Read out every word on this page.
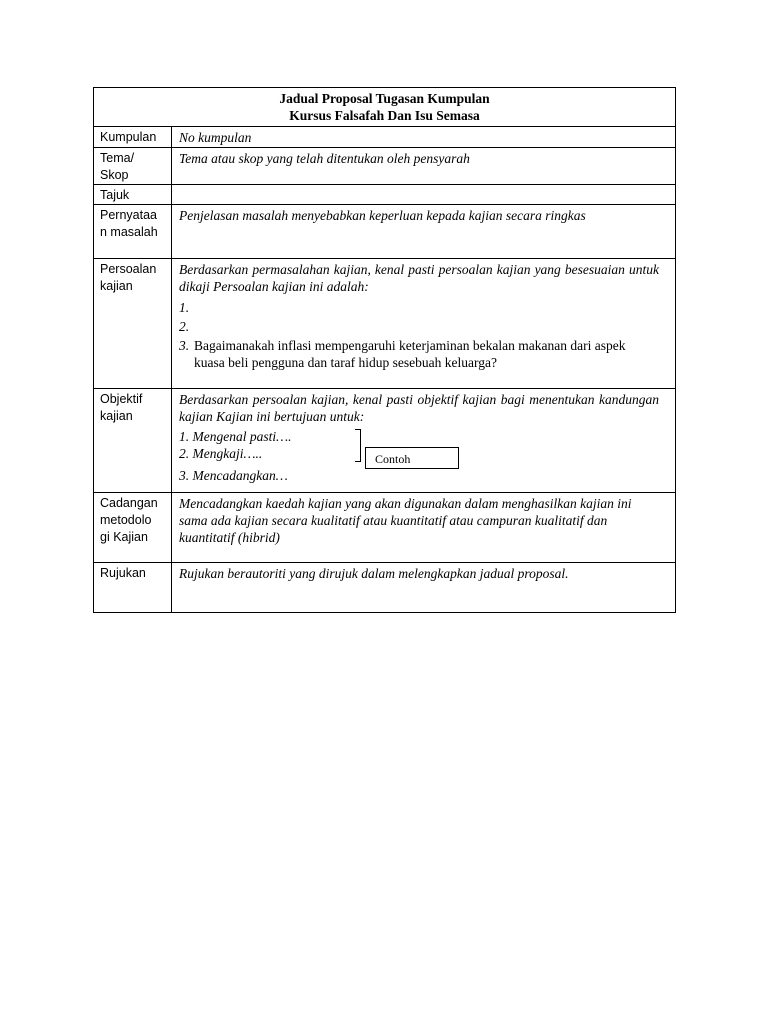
Jadual Proposal Tugasan Kumpulan
Kursus Falsafah Dan Isu Semasa	

Kumpulan	No kumpulan

Tema/
Skop	Tema atau skop yang telah ditentukan oleh pensyarah
Tajuk	

Pernyataa
n masalah	Penjelasan masalah menyebabkan keperluan kepada kajian secara ringkas

Persoalan
kajian	Berdasarkan permasalahan kajian, kenal pasti persoalan kajian yang besesuaian untuk dikaji Persoalan kajian ini adalah:
1.
2.
3. Bagaimanakah inflasi mempengaruhi keterjaminan bekalan makanan dari aspek kuasa beli pengguna dan taraf hidup sesebuah keluarga?

Objektif
kajian	Berdasarkan persoalan kajian, kenal pasti objektif kajian bagi menentukan kandungan kajian Kajian ini bertujuan untuk:
1. Mengenal pasti….
2. Mengkaji…..
3. Mencadangkan…
Contoh

Cadangan
metodolo
gi Kajian	Mencadangkan kaedah kajian yang akan digunakan dalam menghasilkan kajian ini sama ada kajian secara kualitatif atau kuantitatif atau campuran kualitatif dan kuantitatif (hibrid)
Rujukan	Rujukan berautoriti yang dirujuk dalam melengkapkan jadual proposal.
